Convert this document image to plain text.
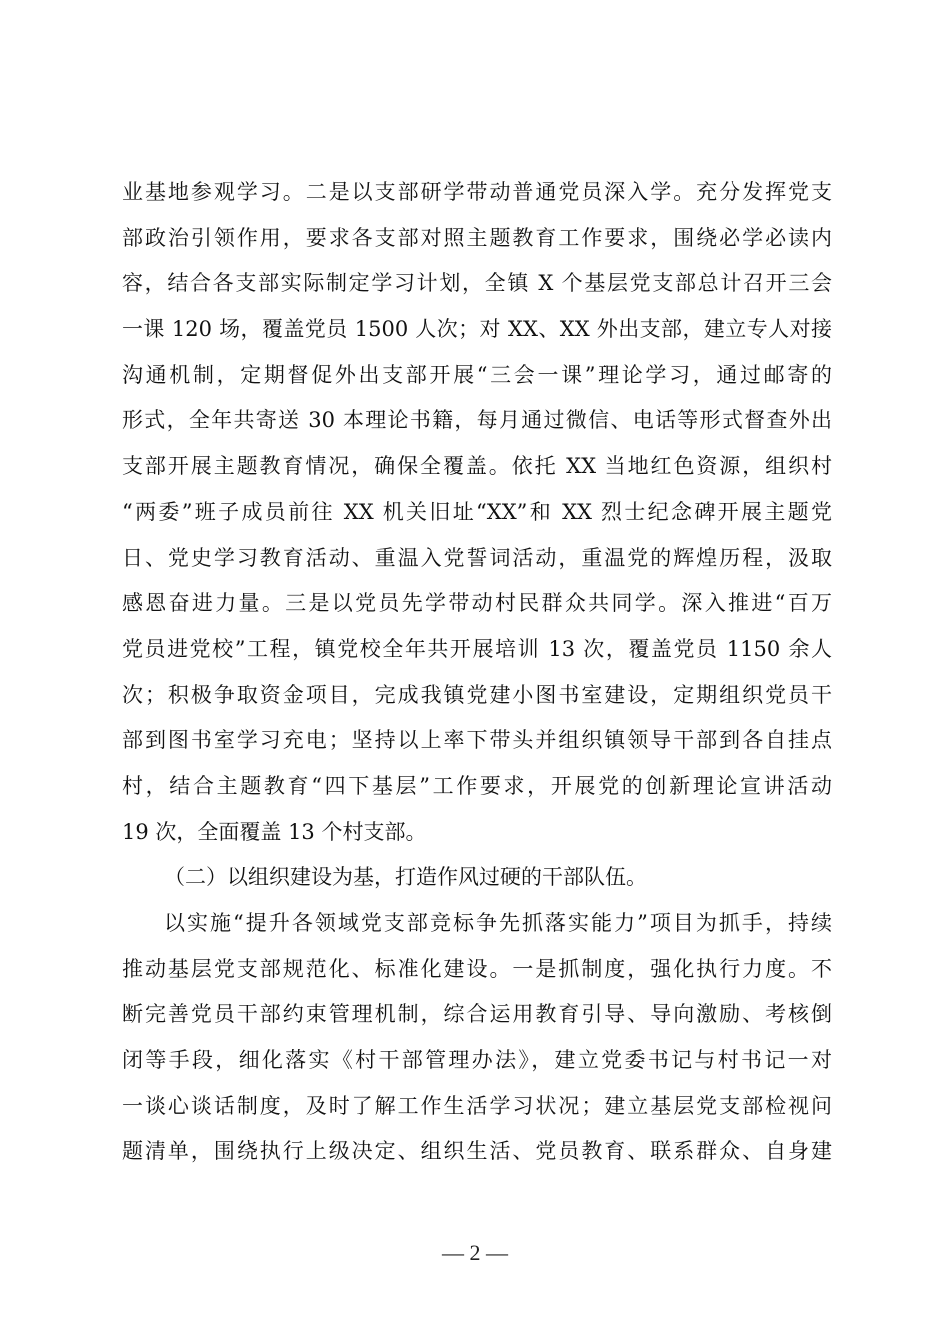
业基地参观学习。二是以支部研学带动普通党员深入学。充分发挥党支
部政治引领作用，要求各支部对照主题教育工作要求，围绕必学必读内
容，结合各支部实际制定学习计划，全镇 X 个基层党支部总计召开三会
一课 120 场，覆盖党员 1500 人次；对 XX、XX 外出支部，建立专人对接
沟通机制，定期督促外出支部开展“三会一课”理论学习，通过邮寄的
形式，全年共寄送 30 本理论书籍，每月通过微信、电话等形式督查外出
支部开展主题教育情况，确保全覆盖。依托 XX 当地红色资源，组织村
“两委”班子成员前往 XX 机关旧址“XX”和 XX 烈士纪念碑开展主题党
日、党史学习教育活动、重温入党誓词活动，重温党的辉煌历程，汲取
感恩奋进力量。三是以党员先学带动村民群众共同学。深入推进“百万
党员进党校”工程，镇党校全年共开展培训 13 次，覆盖党员 1150 余人
次；积极争取资金项目，完成我镇党建小图书室建设，定期组织党员干
部到图书室学习充电；坚持以上率下带头并组织镇领导干部到各自挂点
村，结合主题教育“四下基层”工作要求，开展党的创新理论宣讲活动
19 次，全面覆盖 13 个村支部。
（二）以组织建设为基，打造作风过硬的干部队伍。
以实施“提升各领域党支部竞标争先抓落实能力”项目为抓手，持续
推动基层党支部规范化、标准化建设。一是抓制度，强化执行力度。不
断完善党员干部约束管理机制，综合运用教育引导、导向激励、考核倒
闭等手段，细化落实《村干部管理办法》，建立党委书记与村书记一对
一谈心谈话制度，及时了解工作生活学习状况；建立基层党支部检视问
题清单，围绕执行上级决定、组织生活、党员教育、联系群众、自身建
— 2 —
